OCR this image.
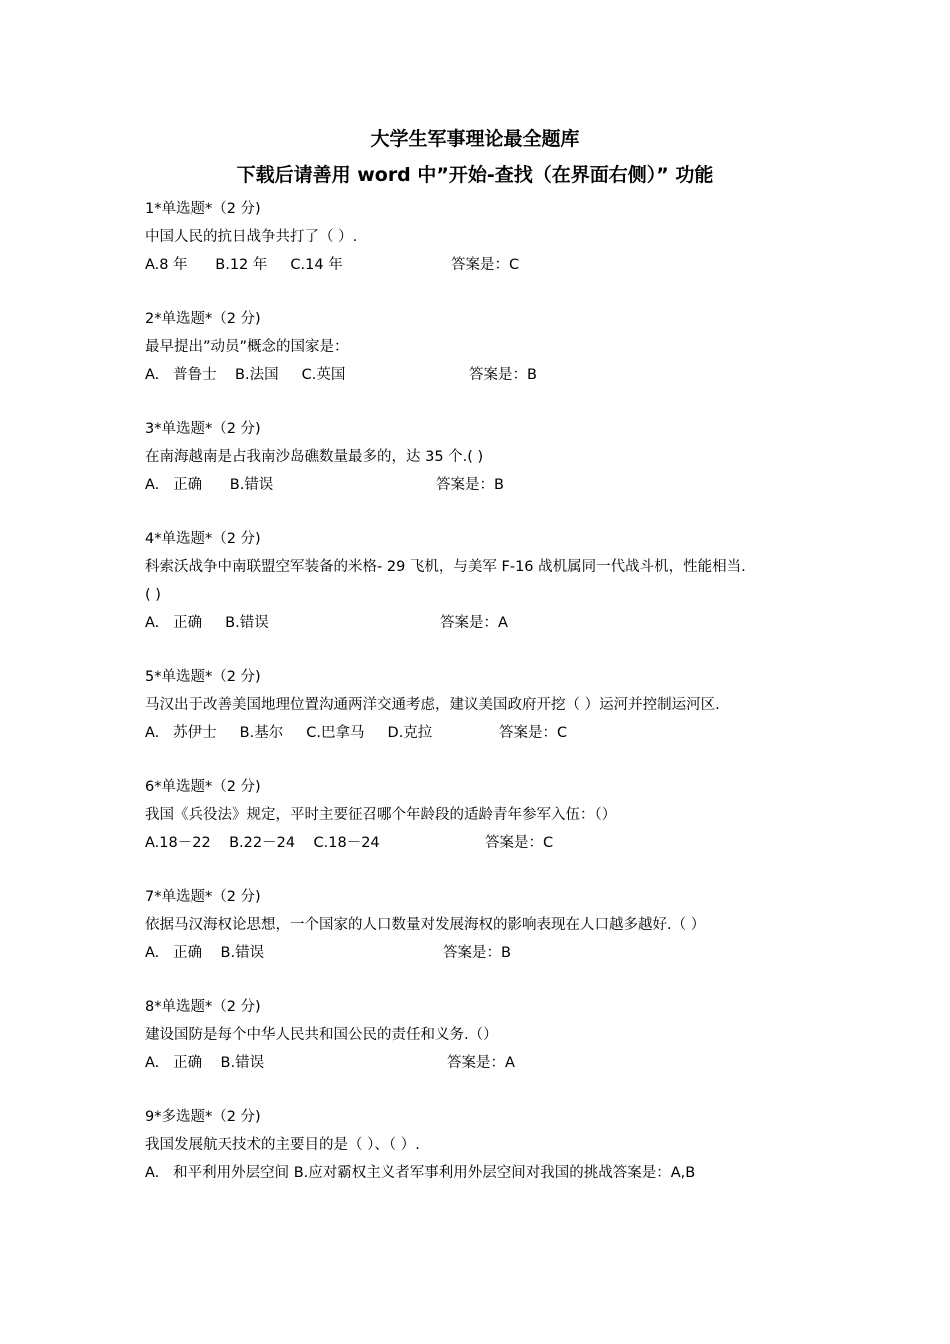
大学生军事理论最全题库
下载后请善用 word 中”开始-查找（在界面右侧）” 功能
1*单选题*（2 分)
中国人民的抗日战争共打了（ ）.
A.8 年      B.12 年     C.14 年	答案是：C
2*单选题*（2 分)
最早提出”动员”概念的国家是：
A.   普鲁士    B.法国     C.英国	答案是：B
3*单选题*（2 分)
在南海越南是占我南沙岛礁数量最多的，达 35 个.( )
A.   正确      B.错误	答案是：B
4*单选题*（2 分)
科索沃战争中南联盟空军装备的米格- 29 飞机，与美军 F-16 战机属同一代战斗机，性能相当.
( )
A.   正确     B.错误	答案是：A
5*单选题*（2 分)
马汉出于改善美国地理位置沟通两洋交通考虑，建议美国政府开挖（ ）运河并控制运河区.
A.   苏伊士     B.基尔     C.巴拿马     D.克拉	答案是：C
6*单选题*（2 分)
我国《兵役法》规定，平时主要征召哪个年龄段的适龄青年参军入伍：（）
A.18－22    B.22－24    C.18－24	答案是：C
7*单选题*（2 分)
依据马汉海权论思想，一个国家的人口数量对发展海权的影响表现在人口越多越好.（ ）
A.   正确    B.错误	答案是：B
8*单选题*（2 分)
建设国防是每个中华人民共和国公民的责任和义务.（）
A.   正确    B.错误	答案是：A
9*多选题*（2 分)
我国发展航天技术的主要目的是（ ）、（ ）.
A.   和平利用外层空间 B.应对霸权主义者军事利用外层空间对我国的挑战答案是：A,B
